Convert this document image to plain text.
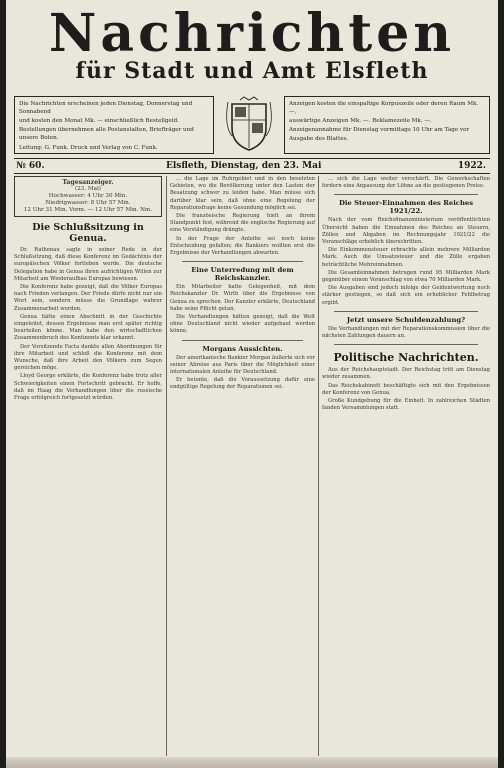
Nachrichten
für Stadt und Amt Elsfleth

Die Nachrichten erscheinen jeden Dienstag, Donnerstag und Sonnabend

und kosten den Monat Mk. — einschließlich Bestellgeld.

Bestellungen übernehmen alle Postanstalten, Briefträger und unsere Boten.

Leitung: G. Funk. Druck und Verlag von C. Funk.

Anzeigen kosten die einspaltige Korpuszeile oder deren Raum Mk. —,

auswärtige Anzeigen Mk. —. Reklamezeile Mk. —.

Anzeigenannahme für Dienstag vormittags 10 Uhr am Tage vor

Ausgabe des Blattes.

№ 60.	Elsfleth, Dienstag, den 23. Mai	1922.
Tagesanzeiger.
(23. Mai)
Hochwasser: 4 Uhr 30 Min.
Niedrigwasser: 8 Uhr 57 Min.
12 Uhr 31 Min. Vorm. — 12 Uhr 57 Min. Nm.
Die Schlußsitzung in Genua.

Dr. Rathenau sagte in seiner Rede in der Schlußsitzung, daß diese Konferenz im Gedächtnis der europäischen Völker fortleben werde. Die deutsche Delegation habe in Genua ihren aufrichtigen Willen zur Mitarbeit am Wiederaufbau Europas bewiesen.

Die Konferenz habe gezeigt, daß die Völker Europas nach Frieden verlangen. Der Friede dürfe nicht nur ein Wort sein, sondern müsse die Grundlage wahrer Zusammenarbeit werden.

Genua hätte einen Abschnitt in der Geschichte eingeleitet, dessen Ergebnisse man erst später richtig beurteilen könne. Man habe den wirtschaftlichen Zusammenbruch des Kontinents klar erkannt.

Der Vorsitzende Facta dankte allen Abordnungen für ihre Mitarbeit und schloß die Konferenz mit dem Wunsche, daß ihre Arbeit den Völkern zum Segen gereichen möge.

Lloyd George erklärte, die Konferenz habe trotz aller Schwierigkeiten einen Fortschritt gebracht. Er hoffe, daß im Haag die Verhandlungen über die russische Frage erfolgreich fortgesetzt würden.

... die Lage im Ruhrgebiet und in den besetzten Gebieten, wo die Bevölkerung unter den Lasten der Besatzung schwer zu leiden habe. Man müsse sich darüber klar sein, daß ohne eine Regelung der Reparationsfrage keine Gesundung möglich sei.

Die französische Regierung hielt an ihrem Standpunkt fest, während die englische Regierung auf eine Verständigung drängte.

In der Frage der Anleihe sei noch keine Entscheidung gefallen; die Bankiers wollten erst die Ergebnisse der Verhandlungen abwarten.

Eine Unterredung mit dem Reichskanzler.

Ein Mitarbeiter hatte Gelegenheit, mit dem Reichskanzler Dr. Wirth über die Ergebnisse von Genua zu sprechen. Der Kanzler erklärte, Deutschland habe seine Pflicht getan.

Die Verhandlungen hätten gezeigt, daß die Welt ohne Deutschland nicht wieder aufgebaut werden könne.

Morgans Aussichten.

Der amerikanische Bankier Morgan äußerte sich vor seiner Abreise aus Paris über die Möglichkeit einer internationalen Anleihe für Deutschland.

Er betonte, daß die Voraussetzung dafür eine endgültige Regelung der Reparationen sei.

... sich die Lage weiter verschärft. Die Gewerkschaften fordern eine Anpassung der Löhne an die gestiegenen Preise.

Die Steuer-Einnahmen des Reiches 1921/22.

Nach der vom Reichsfinanzministerium veröffentlichten Übersicht haben die Einnahmen des Reiches an Steuern, Zöllen und Abgaben im Rechnungsjahr 1921/22 die Voranschläge erheblich überschritten.

Die Einkommensteuer erbrachte allein mehrere Milliarden Mark. Auch die Umsatzsteuer und die Zölle ergaben beträchtliche Mehreinnahmen.

Die Gesamteinnahmen betrugen rund 95 Milliarden Mark gegenüber einem Voranschlag von etwa 70 Milliarden Mark.

Die Ausgaben sind jedoch infolge der Geldentwertung noch stärker gestiegen, so daß sich ein erheblicher Fehlbetrag ergibt.

Jetzt unsere Schuldenzahlung?

Die Verhandlungen mit der Reparationskommission über die nächsten Zahlungen dauern an.

Politische Nachrichten.

Aus der Reichshauptstadt. Der Reichstag tritt am Dienstag wieder zusammen.

Das Reichskabinett beschäftigte sich mit den Ergebnissen der Konferenz von Genua.

Große Kundgebung für die Einheit. In zahlreichen Städten fanden Versammlungen statt.
